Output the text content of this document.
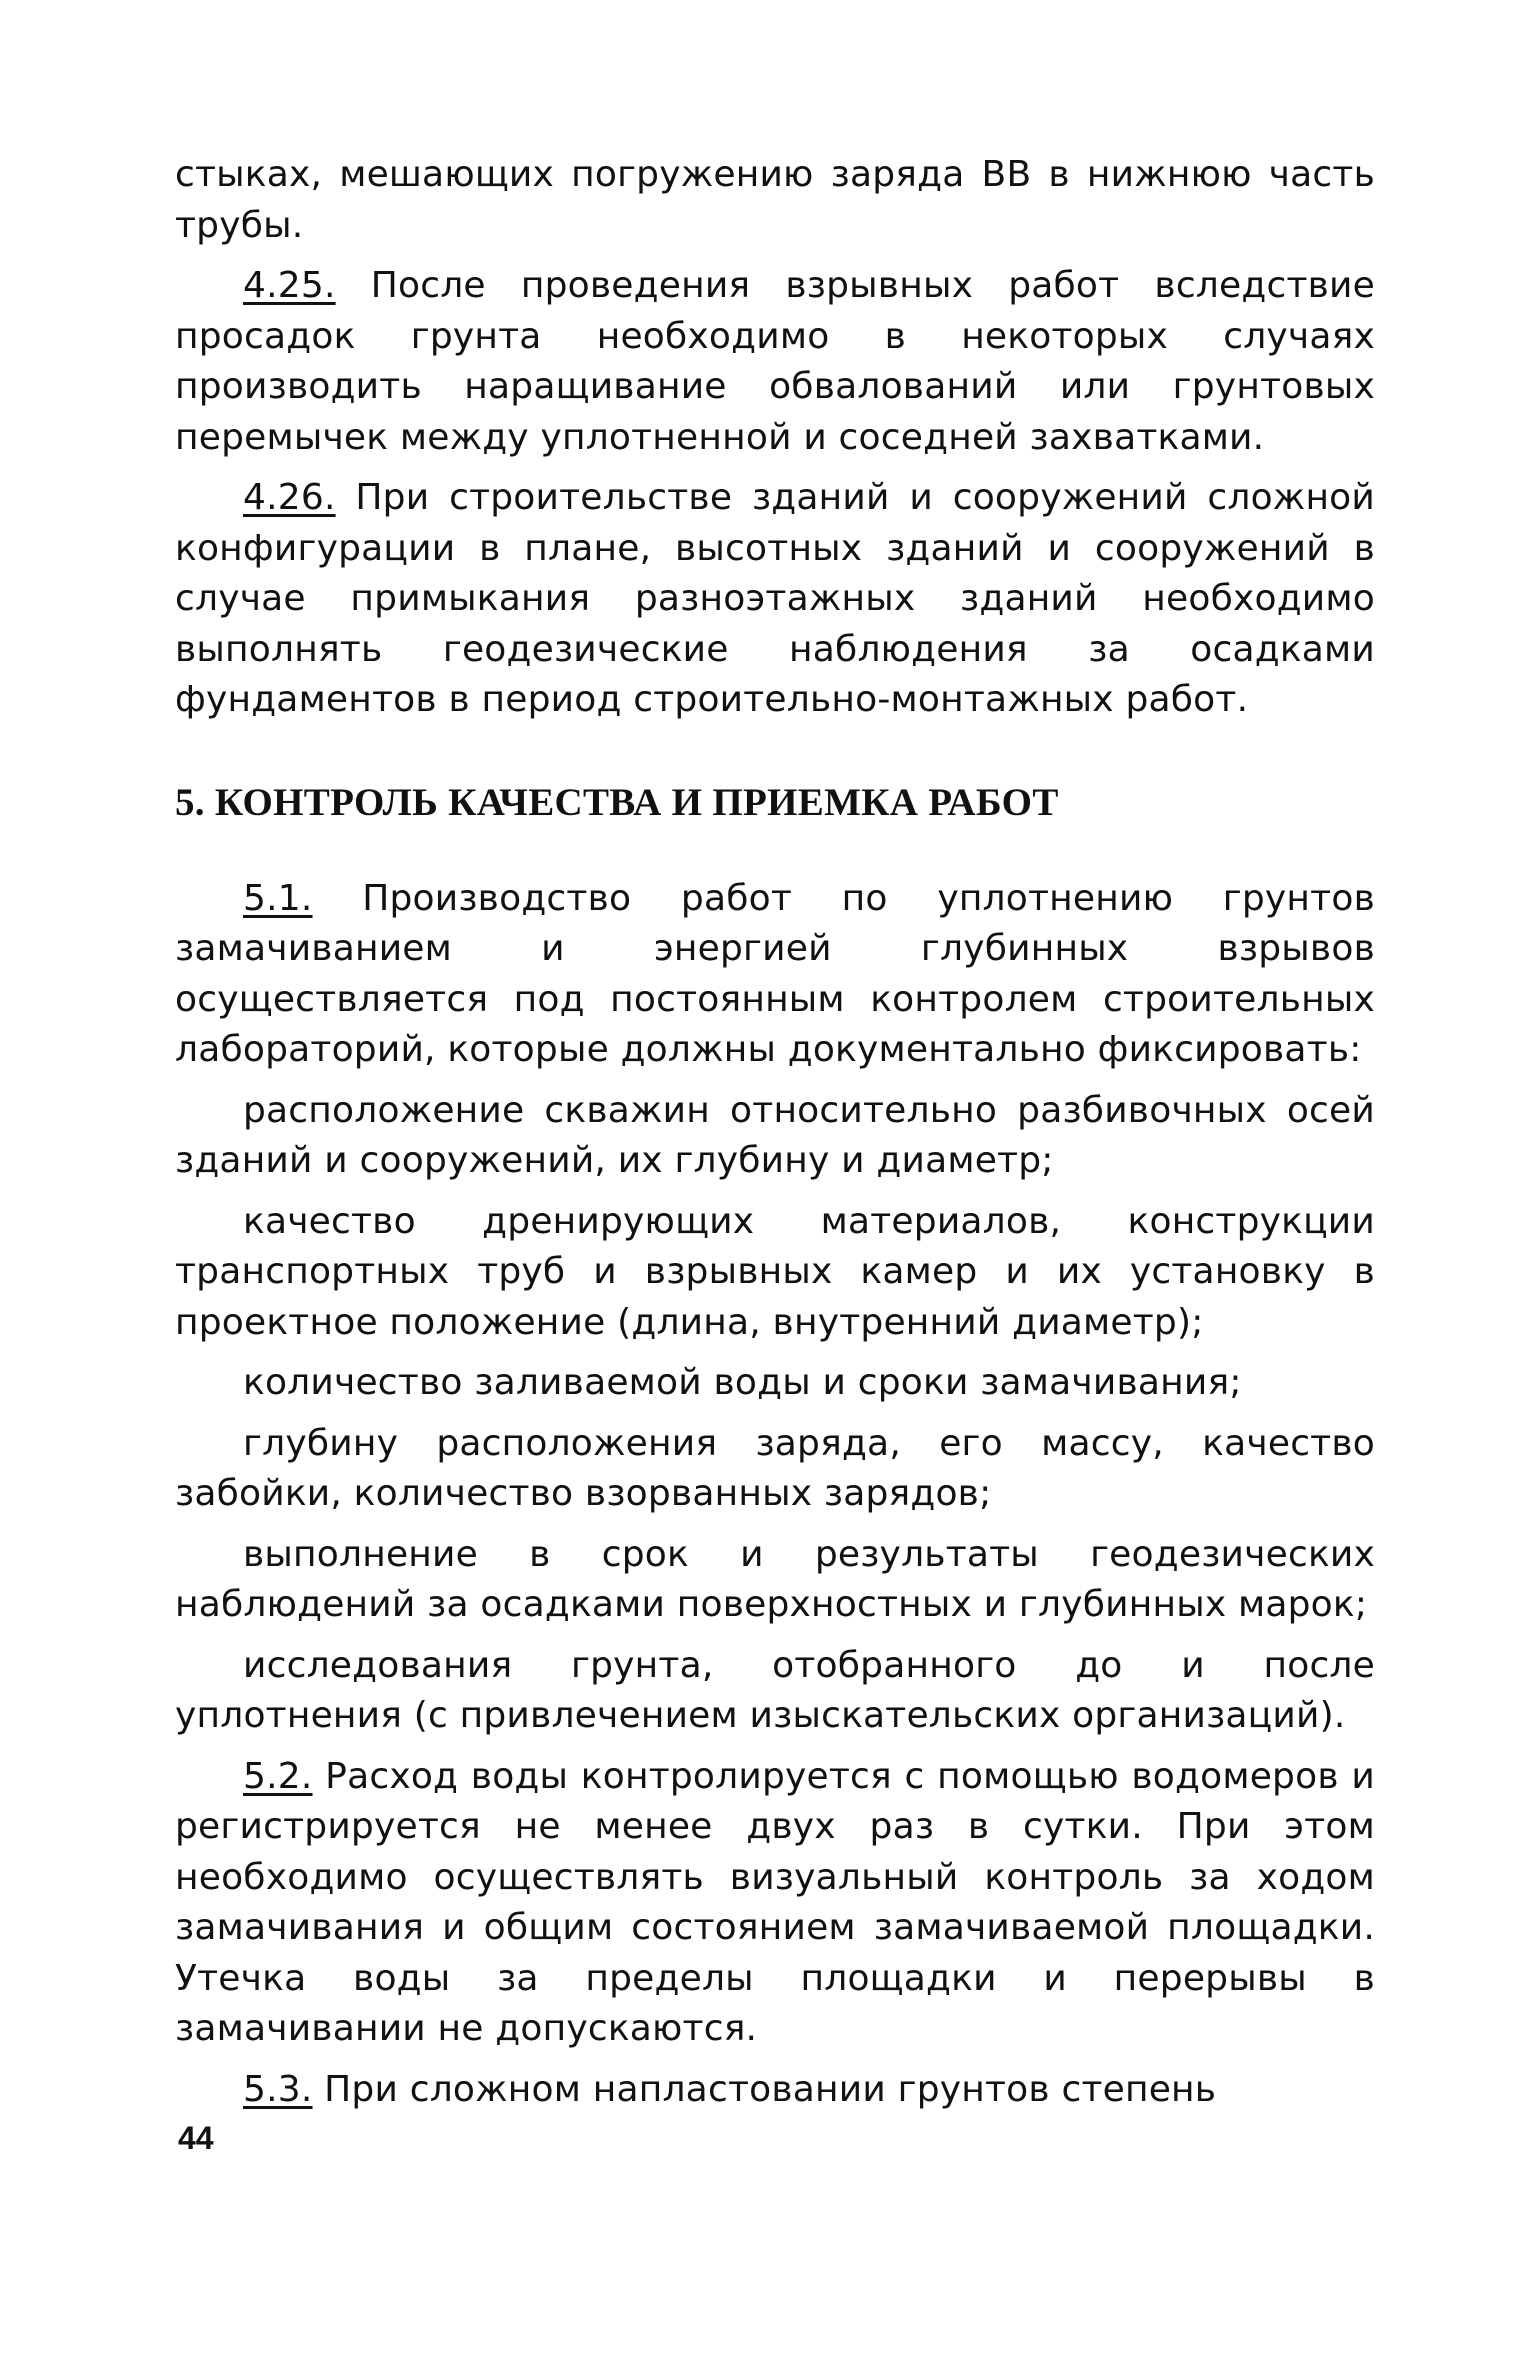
стыках, мешающих погружению заряда ВВ в нижнюю часть трубы.

4.25. После проведения взрывных работ вследствие просадок грунта необходимо в некоторых случаях производить наращивание обвалований или грунтовых перемычек между уплотненной и соседней захватками.

4.26. При строительстве зданий и сооружений сложной конфигурации в плане, высотных зданий и сооружений в случае примыкания разноэтажных зданий необходимо выполнять геодезические наблюдения за осадками фундаментов в период строительно-монтажных работ.

5. КОНТРОЛЬ КАЧЕСТВА И ПРИЕМКА РАБОТ

5.1. Производство работ по уплотнению грунтов замачиванием и энергией глубинных взрывов осуществляется под постоянным контролем строительных лабораторий, которые должны документально фиксировать:

расположение скважин относительно разбивочных осей зданий и сооружений, их глубину и диаметр;

качество дренирующих материалов, конструкции транспортных труб и взрывных камер и их установку в проектное положение (длина, внутренний диаметр);

количество заливаемой воды и сроки замачивания;

глубину расположения заряда, его массу, качество забойки, количество взорванных зарядов;

выполнение в срок и результаты геодезических наблюдений за осадками поверхностных и глубинных марок;

исследования грунта, отобранного до и после уплотнения (с привлечением изыскательских организаций).

5.2. Расход воды контролируется с помощью водомеров и регистрируется не менее двух раз в сутки. При этом необходимо осуществлять визуальный контроль за ходом замачивания и общим состоянием замачиваемой площадки. Утечка воды за пределы площадки и перерывы в замачивании не допускаются.

5.3. При сложном напластовании грунтов степень

44
